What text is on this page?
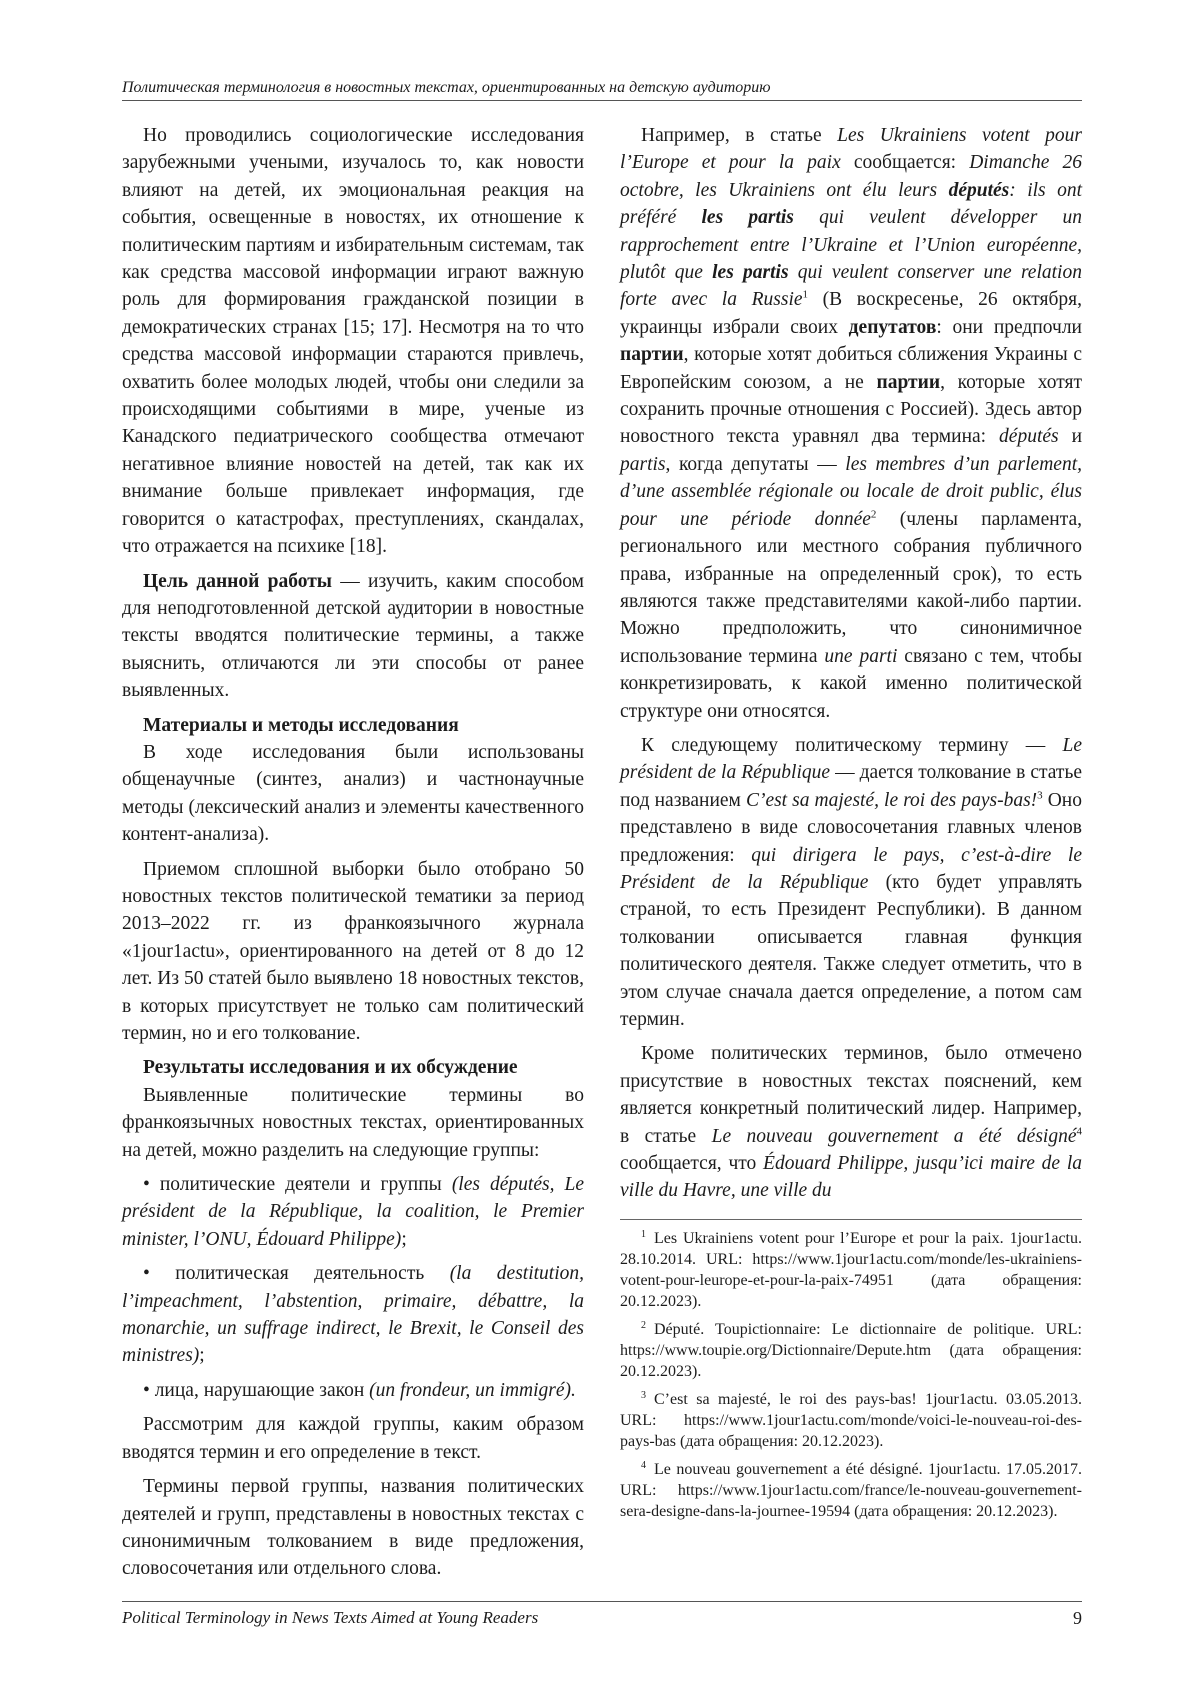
Политическая терминология в новостных текстах, ориентированных на детскую аудиторию

Но проводились социологические исследования зарубежными учеными, изучалось то, как новости влияют на детей, их эмоциональная реакция на события, освещенные в новостях, их отношение к политическим партиям и избирательным системам, так как средства массовой информации играют важную роль для формирования гражданской позиции в демократических странах [15; 17]. Несмотря на то что средства массовой информации стараются привлечь, охватить более молодых людей, чтобы они следили за происходящими событиями в мире, ученые из Канадского педиатрического сообщества отмечают негативное влияние новостей на детей, так как их внимание больше привлекает информация, где говорится о катастрофах, преступлениях, скандалах, что отражается на психике [18].

Цель данной работы — изучить, каким способом для неподготовленной детской аудитории в новостные тексты вводятся политические термины, а также выяснить, отличаются ли эти способы от ранее выявленных.

Материалы и методы исследования

В ходе исследования были использованы общенаучные (синтез, анализ) и частнонаучные методы (лексический анализ и элементы качественного контент-анализа).

Приемом сплошной выборки было отобрано 50 новостных текстов политической тематики за период 2013–2022 гг. из франкоязычного журнала «1jour1actu», ориентированного на детей от 8 до 12 лет. Из 50 статей было выявлено 18 новостных текстов, в которых присутствует не только сам политический термин, но и его толкование.

Результаты исследования и их обсуждение

Выявленные политические термины во франкоязычных новостных текстах, ориентированных на детей, можно разделить на следующие группы:

• политические деятели и группы (les députés, Le président de la République, la coalition, le Premier minister, l’ONU, Édouard Philippe);
• политическая деятельность (la destitution, l’impeachment, l’abstention, primaire, débattre, la monarchie, un suffrage indirect, le Brexit, le Conseil des ministres);
• лица, нарушающие закон (un frondeur, un immigré).

Рассмотрим для каждой группы, каким образом вводятся термин и его определение в текст.

Термины первой группы, названия политических деятелей и групп, представлены в новостных текстах с синонимичным толкованием в виде предложения, словосочетания или отдельного слова.

Например, в статье Les Ukrainiens votent pour l’Europe et pour la paix сообщается: Dimanche 26 octobre, les Ukrainiens ont élu leurs députés: ils ont préféré les partis qui veulent développer un rapprochement entre l’Ukraine et l’Union européenne, plutôt que les partis qui veulent conserver une relation forte avec la Russie$^1$ (В воскресенье, 26 октября, украинцы избрали своих депутатов: они предпочли партии, которые хотят добиться сближения Украины с Европейским союзом, а не партии, которые хотят сохранить прочные отношения с Россией). Здесь автор новостного текста уравнял два термина: députés и partis, когда депутаты — les membres d’un parlement, d’une assemblée régionale ou locale de droit public, élus pour une période donnée$^2$ (члены парламента, регионального или местного собрания публичного права, избранные на определенный срок), то есть являются также представителями какой-либо партии. Можно предположить, что синонимичное использование термина une parti связано с тем, чтобы конкретизировать, к какой именно политической структуре они относятся.

К следующему политическому термину — Le président de la République — дается толкование в статье под названием C’est sa majesté, le roi des pays-bas!$^3$ Оно представлено в виде словосочетания главных членов предложения: qui dirigera le pays, c’est-à-dire le Président de la République (кто будет управлять страной, то есть Президент Республики). В данном толковании описывается главная функция политического деятеля. Также следует отметить, что в этом случае сначала дается определение, а потом сам термин.

Кроме политических терминов, было отмечено присутствие в новостных текстах пояснений, кем является конкретный политический лидер. Например, в статье Le nouveau gouvernement a été désigné$^4$ сообщается, что Édouard Philippe, jusqu’ici maire de la ville du Havre, une ville du

$^1$ Les Ukrainiens votent pour l’Europe et pour la paix. 1jour1actu. 28.10.2014. URL: https://www.1jour1actu.com/monde/les-ukrainiens-votent-pour-leurope-et-pour-la-paix-74951 (дата обращения: 20.12.2023).

$^2$ Député. Toupictionnaire: Le dictionnaire de politique. URL: https://www.toupie.org/Dictionnaire/Depute.htm (дата обращения: 20.12.2023).

$^3$ C’est sa majesté, le roi des pays-bas! 1jour1actu. 03.05.2013. URL: https://www.1jour1actu.com/monde/voici-le-nouveau-roi-des-pays-bas (дата обращения: 20.12.2023).

$^4$ Le nouveau gouvernement a été désigné. 1jour1actu. 17.05.2017. URL: https://www.1jour1actu.com/france/le-nouveau-gouvernement-sera-designe-dans-la-journee-19594 (дата обращения: 20.12.2023).

Political Terminology in News Texts Aimed at Young Readers	9
